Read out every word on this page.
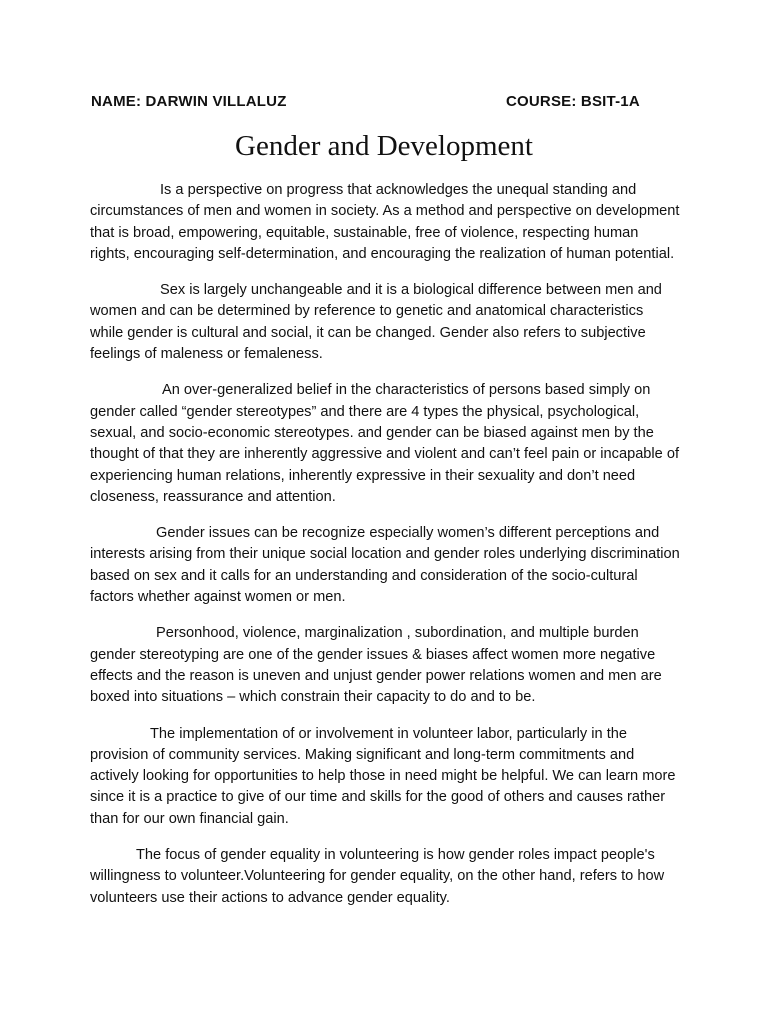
NAME: DARWIN VILLALUZ	COURSE: BSIT-1A
Gender and Development

Is a perspective on progress that acknowledges the unequal standing and circumstances of men and women in society. As a method and perspective on development that is broad, empowering, equitable, sustainable, free of violence, respecting human rights, encouraging self-determination, and encouraging the realization of human potential.

Sex is largely unchangeable and it is a biological difference between men and women and can be determined by reference to genetic and anatomical characteristics while gender is cultural and social, it can be changed. Gender also refers to subjective feelings of maleness or femaleness.

An over-generalized belief in the characteristics of persons based simply on gender called “gender stereotypes” and there are 4 types the physical, psychological, sexual, and socio-economic stereotypes. and gender can be biased against men by the thought of that they are inherently aggressive and violent and can’t feel pain or incapable of experiencing human relations, inherently expressive in their sexuality and don’t need closeness, reassurance and attention.

Gender issues can be recognize especially women’s different perceptions and interests arising from their unique social location and gender roles underlying discrimination based on sex and it calls for an understanding and consideration of the socio-cultural factors whether against women or men.

Personhood, violence, marginalization , subordination, and multiple burden gender stereotyping are one of the gender issues & biases affect women more negative effects and the reason is uneven and unjust gender power relations women and men are boxed into situations – which constrain their capacity to do and to be.

The implementation of or involvement in volunteer labor, particularly in the provision of community services. Making significant and long-term commitments and actively looking for opportunities to help those in need might be helpful. We can learn more since it is a practice to give of our time and skills for the good of others and causes rather than for our own financial gain.

The focus of gender equality in volunteering is how gender roles impact people's willingness to volunteer.Volunteering for gender equality, on the other hand, refers to how volunteers use their actions to advance gender equality.
